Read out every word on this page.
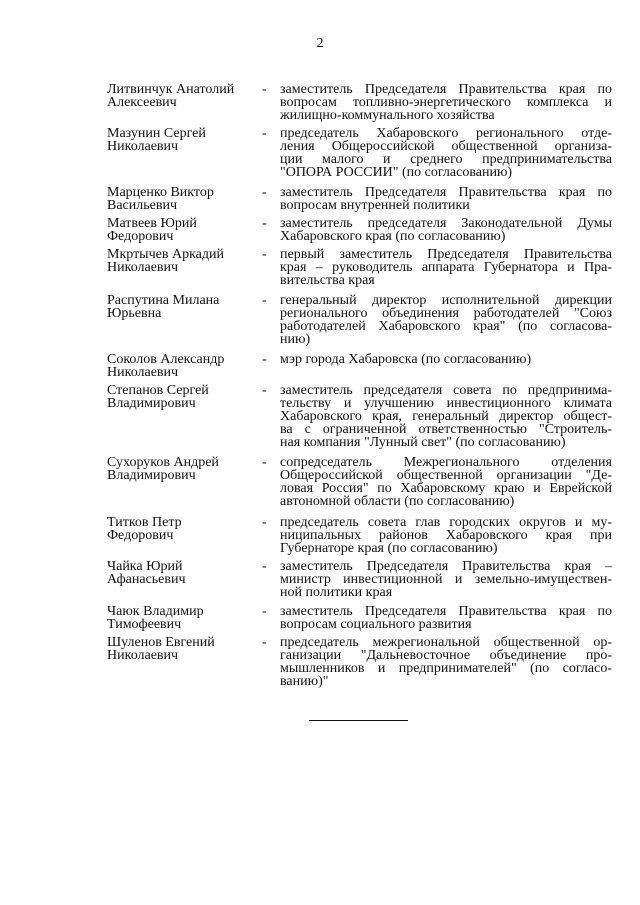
2
Литвинчук Анатолий
Алексеевич
- заместитель Председателя Правительства края по
вопросам топливно-энергетического комплекса и
жилищно-коммунального хозяйства
Мазунин Сергей
Николаевич
- председатель Хабаровского регионального отде-
ления Общероссийской общественной организа-
ции малого и среднего предпринимательства
"ОПОРА РОССИИ" (по согласованию)
Марценко Виктор
Васильевич
- заместитель Председателя Правительства края по
вопросам внутренней политики
Матвеев Юрий
Федорович
- заместитель председателя Законодательной Думы
Хабаровского края (по согласованию)
Мкртычев Аркадий
Николаевич
- первый заместитель Председателя Правительства
края – руководитель аппарата Губернатора и Пра-
вительства края
Распутина Милана
Юрьевна
- генеральный директор исполнительной дирекции
регионального объединения работодателей "Союз
работодателей Хабаровского края" (по согласова-
нию)
Соколов Александр
Николаевич
- мэр города Хабаровска (по согласованию)
Степанов Сергей
Владимирович
- заместитель председателя совета по предпринима-
тельству и улучшению инвестиционного климата
Хабаровского края, генеральный директор общест-
ва с ограниченной ответственностью "Строитель-
ная компания "Лунный свет" (по согласованию)
Сухоруков Андрей
Владимирович
- сопредседатель Межрегионального отделения
Общероссийской общественной организации "Де-
ловая Россия" по Хабаровскому краю и Еврейской
автономной области (по согласованию)
Титков Петр
Федорович
- председатель совета глав городских округов и му-
ниципальных районов Хабаровского края при
Губернаторе края (по согласованию)
Чайка Юрий
Афанасьевич
- заместитель Председателя Правительства края –
министр инвестиционной и земельно-имуществен-
ной политики края
Чаюк Владимир
Тимофеевич
- заместитель Председателя Правительства края по
вопросам социального развития
Шуленов Евгений
Николаевич
- председатель межрегиональной общественной ор-
ганизации "Дальневосточное объединение про-
мышленников и предпринимателей" (по согласо-
ванию)"
